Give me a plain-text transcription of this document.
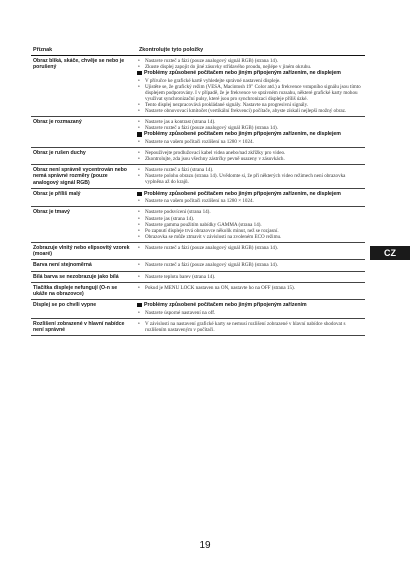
Příznak	Zkontrolujte tyto položky
Obraz bliká, skáče, chvěje se nebo je porušený
•	Nastavte rozteč a fázi (pouze analogový signál RGB) (strana 14).
•	Zkuste displej zapojit do jiné zásuvky střídavého proudu, nejlépe v jiném okruhu.
Problémy způsobené počítačem nebo jiným připojeným zařízením, ne displejem
•	V příručce ke grafické kartě vyhledejte správné nastavení displeje.
•	Ujistěte se, že grafický režim (VESA, Macintosh 19" Color atd.) a frekvence vstupního signálu jsou tímto displejem podporovány. I v případě, že je frekvence ve správném rozsahu, některé grafické karty mohou využívat synchronizační pulsy, které jsou pro synchronizaci displeje příliš úzké.
•	Tento displej nezpracovává prokládané signály. Nastavte na progresivní signály.
•	Nastavte obnovovací kmitočet (vertikální frekvenci) počítače, abyste získali nejlepší možný obraz.
Obraz je rozmazaný	•	Nastavte jas a kontrast (strana 14).
•	Nastavte rozteč a fázi (pouze analogový signál RGB) (strana 14).
Problémy způsobené počítačem nebo jiným připojeným zařízením, ne displejem
•	Nastavte na vašem počítači rozlišení na 1280 × 1024.
Obraz je rušen duchy	•	Nepoužívejte prodlužovací kabel videa anebo/nad zkřížky pro video.
•	Zkontrolujte, zda jsou všechny zástrčky pevně usazeny v zásuvkách.
Obraz není správně vycentrován nebo nemá správné rozměry (pouze analogový signál RGB)
•	Nastavte rozteč a fázi (strana 14).
•	Nastavte polohu obrazu (strana 14). Uvědomte si, že při některých video režimech není obrazovka vyplněna až do krajů.
Obraz je příliš malý	Problémy způsobené počítačem nebo jiným připojeným zařízením, ne displejem
•	Nastavte na vašem počítači rozlišení na 1280 × 1024.
Obraz je tmavý	•	Nastavte podsvícení (strana 14).
•	Nastavte jas (strana 14).
•	Nastavte gamma použitím nabídky GAMMA (strana 14).
•	Po zapnutí displeje trvá obrazovce několik minut, než se rozjasní.
•	Obrazovka se může ztmavit v závislosti na zvoleném ECO režimu.
Zobrazuje vlnitý nebo elipsovitý vzorek (moaré)
•	Nastavte rozteč a fázi (pouze analogový signál RGB) (strana 14).
Barva není stejnoměrná	•	Nastavte rozteč a fázi (pouze analogový signál RGB) (strana 14).
Bílá barva se nezobrazuje jako bílá	•	Nastavte teplotu barev (strana 14).
Tlačítka displeje nefungují (O‑n se ukáže na obrazovce)
•	Pokud je MENU LOCK nastaven na ON, nastavte ho na OFF (strana 15).
Displej se po chvíli vypne	Problémy způsobené počítačem nebo jiným připojeným zařízením
•	Nastavte úsporné nastavení na off.
Rozlišení zobrazené v hlavní nabídce není správné
•	V závislosti na nastavení grafické karty se nemusí rozlišení zobrazené v hlavní nabídce shodovat s rozlišením nastaveným v počítači.
CZ
19
